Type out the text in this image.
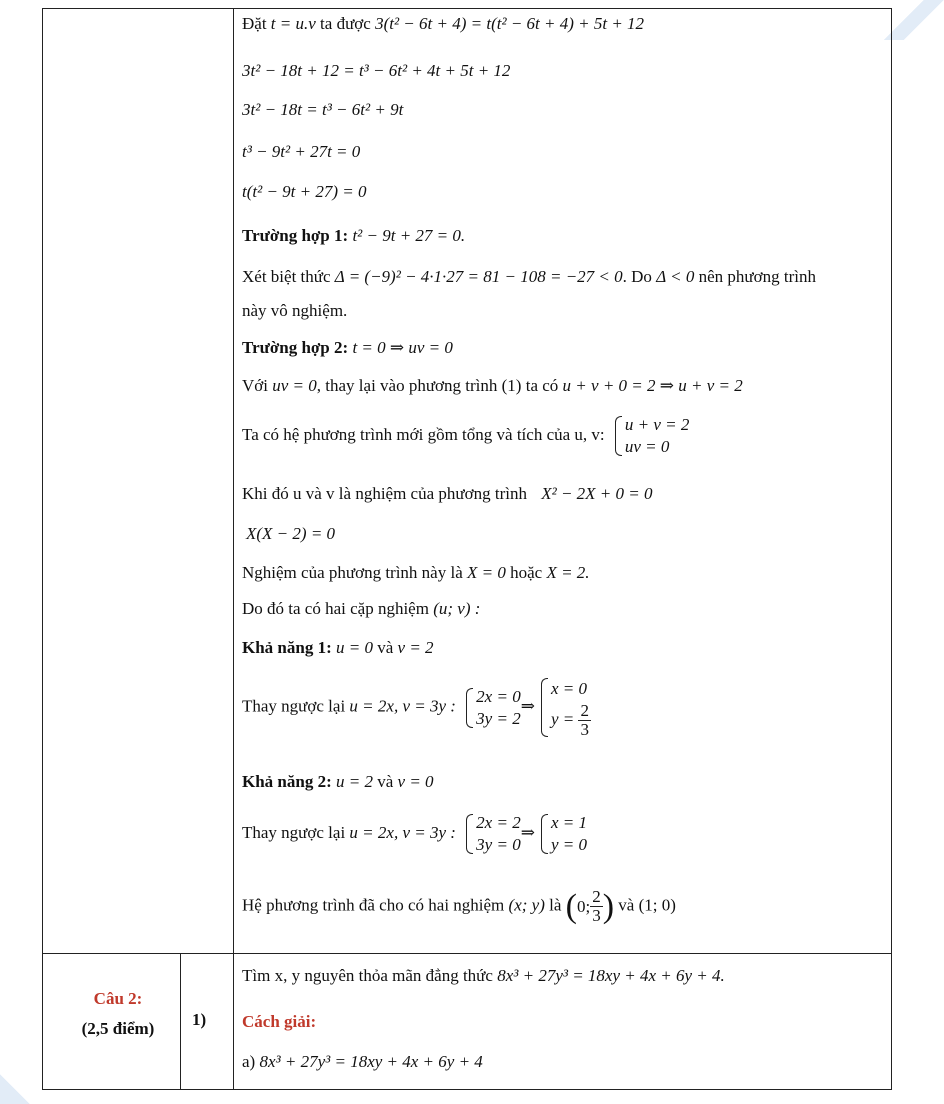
Đặt t = u.v ta được 3(t² − 6t + 4) = t(t² − 6t + 4) + 5t + 12
3t² − 18t + 12 = t³ − 6t² + 4t + 5t + 12
3t² − 18t = t³ − 6t² + 9t
t³ − 9t² + 27t = 0
t(t² − 9t + 27) = 0
Trường hợp 1: t² − 9t + 27 = 0.
Xét biệt thức Δ = (−9)² − 4·1·27 = 81 − 108 = −27 < 0. Do Δ < 0 nên phương trình
này vô nghiệm.
Trường hợp 2: t = 0 ⇒ uv = 0
Với uv = 0, thay lại vào phương trình (1) ta có u + v + 0 = 2 ⇒ u + v = 2
Ta có hệ phương trình mới gồm tổng và tích của u, v: u + v = 2
uv = 0
Khi đó u và v là nghiệm của phương trình X² − 2X + 0 = 0
X(X − 2) = 0
Nghiệm của phương trình này là X = 0 hoặc X = 2.
Do đó ta có hai cặp nghiệm (u; v) :
Khả năng 1: u = 0 và v = 2
Thay ngược lại u = 2x, v = 3y : 2x = 0
3y = 2⇒x = 0
$y = \frac{2}{3}$
Khả năng 2: u = 2 và v = 0
Thay ngược lại u = 2x, v = 3y : 2x = 2
3y = 0⇒x = 1
y = 0
Hệ phương trình đã cho có hai nghiệm (x; y) là ( 0; $\frac{2}{3}$ ) và (1; 0)
Tìm x, y nguyên thỏa mãn đẳng thức 8x³ + 27y³ = 18xy + 4x + 6y + 4.
Cách giải:
a) 8x³ + 27y³ = 18xy + 4x + 6y + 4
Câu 2:
(2,5 điểm)	1)
